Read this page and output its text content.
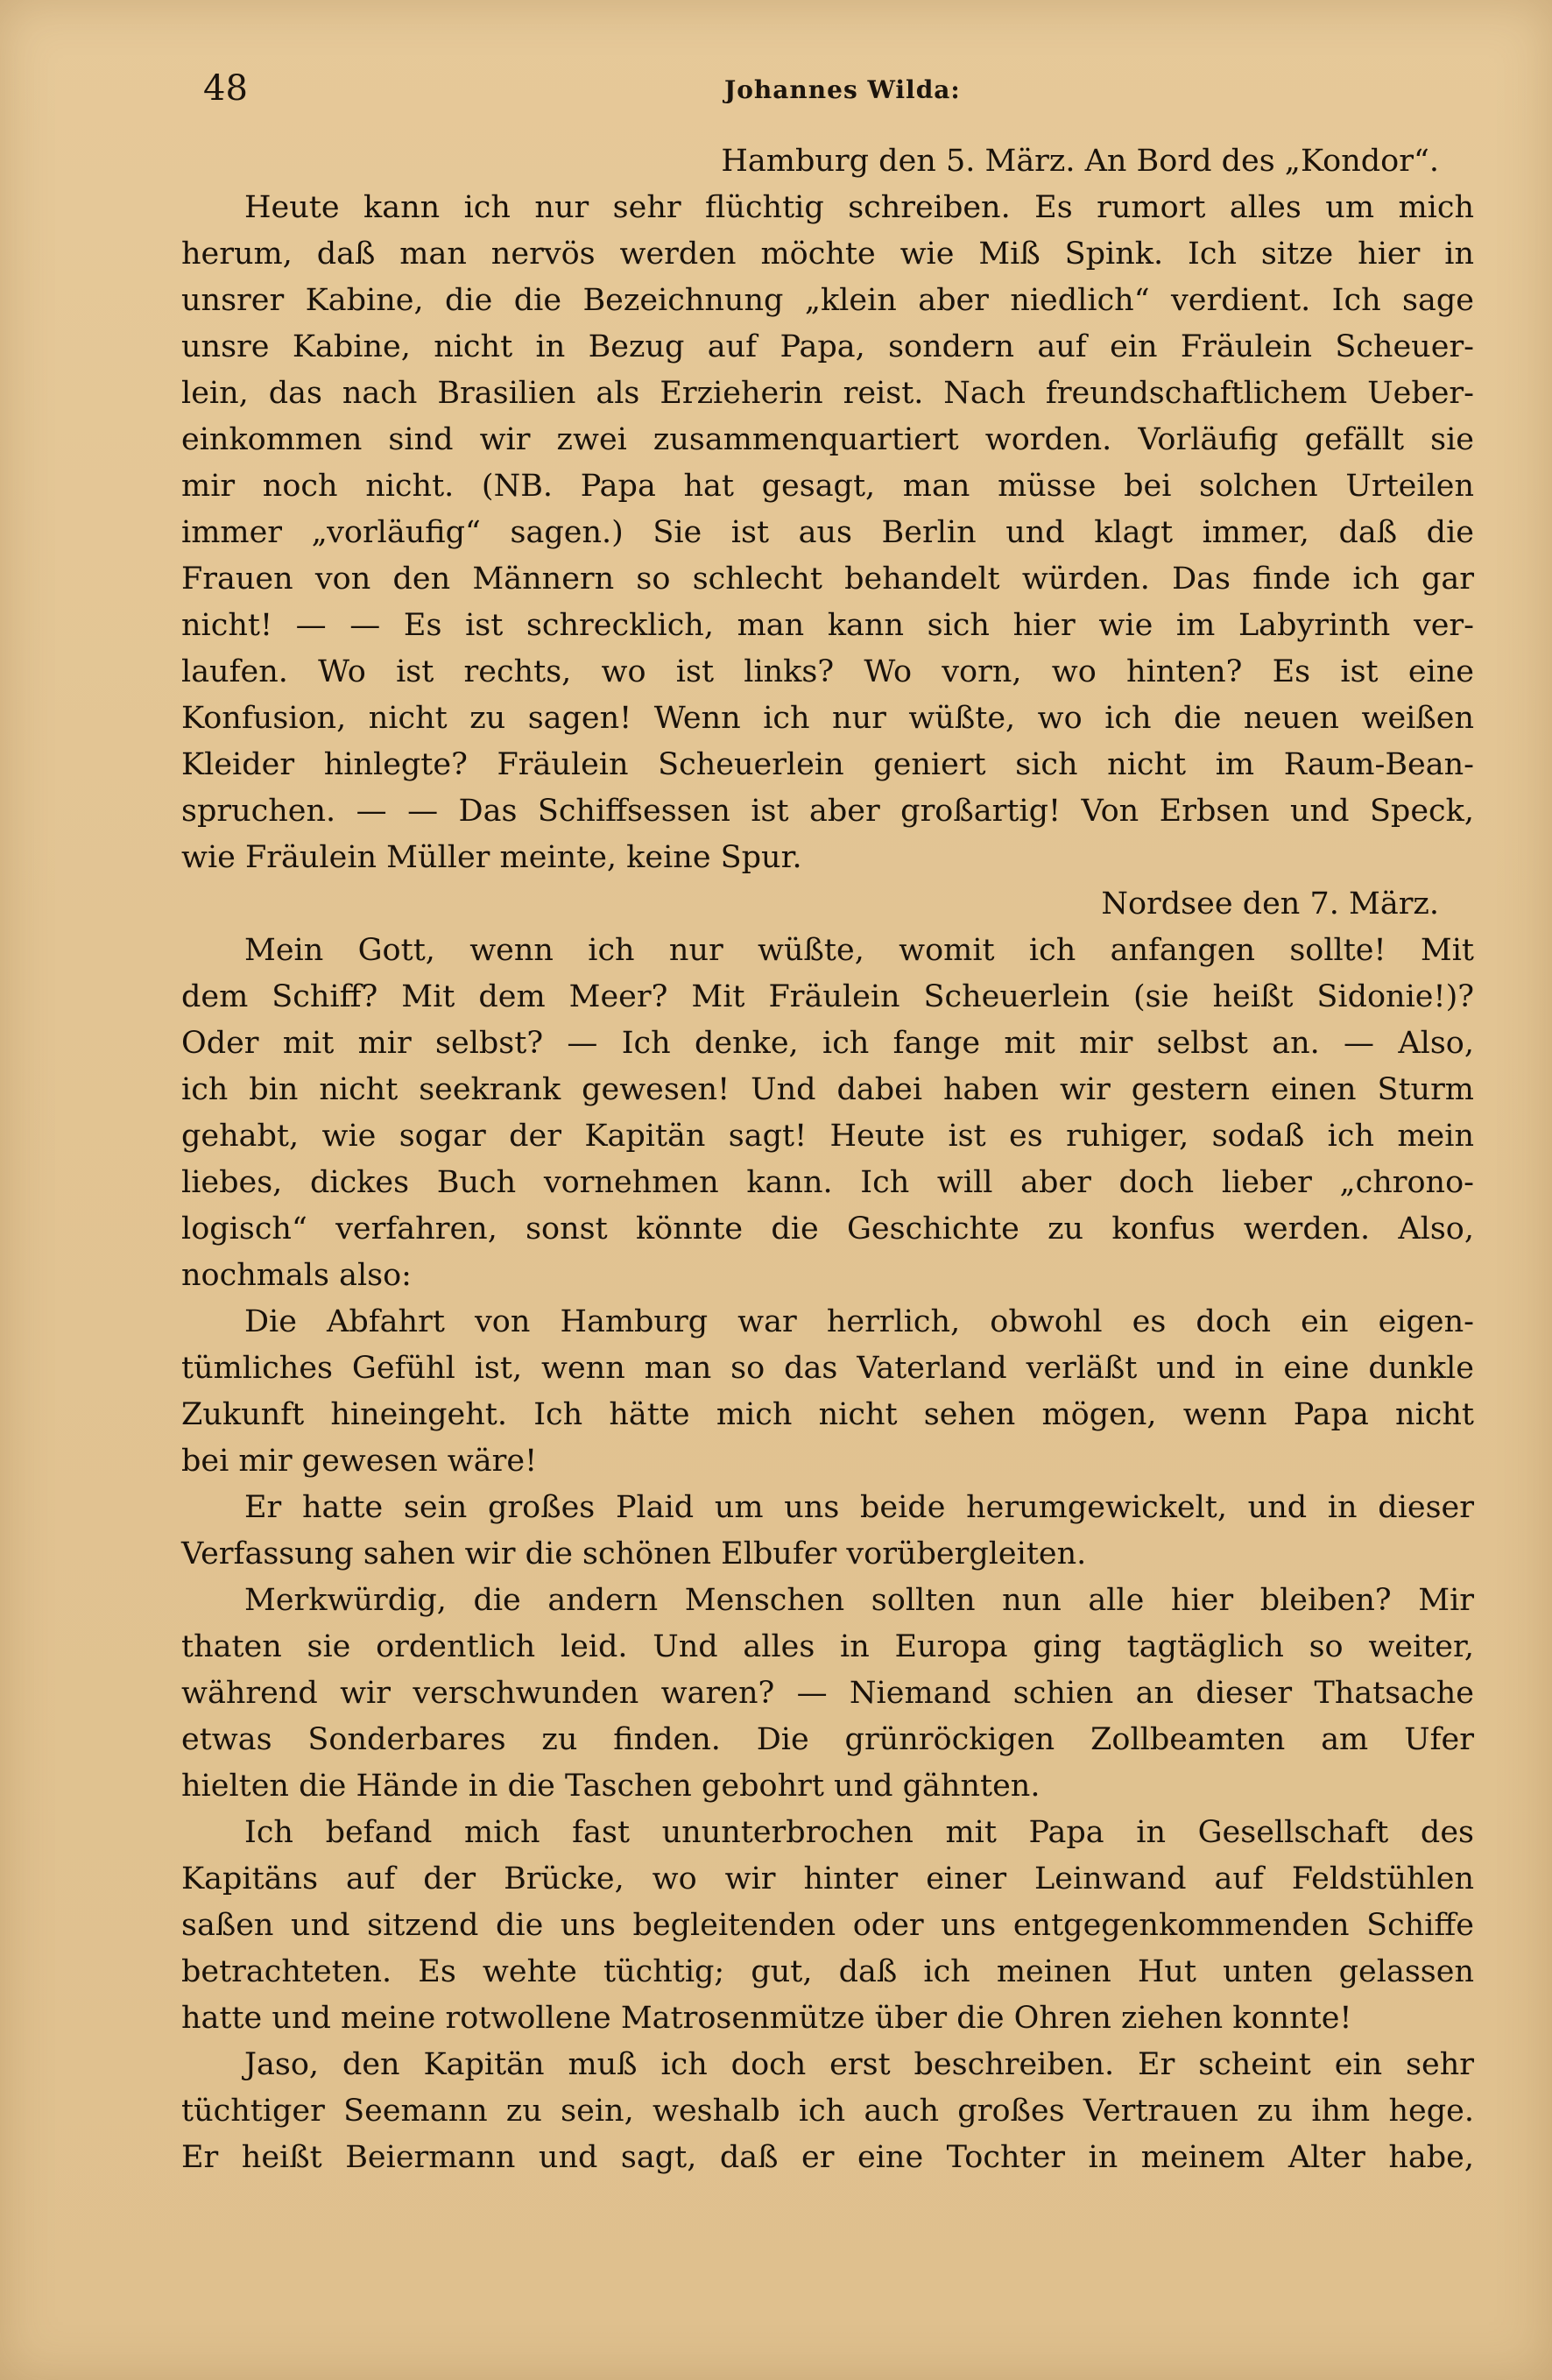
48	Johannes Wilda:
Hamburg den 5. März. An Bord des „Kondor“.
Heute kann ich nur sehr flüchtig schreiben. Es rumort alles um mich
herum, daß man nervös werden möchte wie Miß Spink. Ich sitze hier in
unsrer Kabine, die die Bezeichnung „klein aber niedlich“ verdient. Ich sage
unsre Kabine, nicht in Bezug auf Papa, sondern auf ein Fräulein Scheuer-
lein, das nach Brasilien als Erzieherin reist. Nach freundschaftlichem Ueber-
einkommen sind wir zwei zusammenquartiert worden. Vorläufig gefällt sie
mir noch nicht. (NB. Papa hat gesagt, man müsse bei solchen Urteilen
immer „vorläufig“ sagen.) Sie ist aus Berlin und klagt immer, daß die
Frauen von den Männern so schlecht behandelt würden. Das finde ich gar
nicht! — — Es ist schrecklich, man kann sich hier wie im Labyrinth ver-
laufen. Wo ist rechts, wo ist links? Wo vorn, wo hinten? Es ist eine
Konfusion, nicht zu sagen! Wenn ich nur wüßte, wo ich die neuen weißen
Kleider hinlegte? Fräulein Scheuerlein geniert sich nicht im Raum-Bean-
spruchen. — — Das Schiffsessen ist aber großartig! Von Erbsen und Speck,
wie Fräulein Müller meinte, keine Spur.
Nordsee den 7. März.
Mein Gott, wenn ich nur wüßte, womit ich anfangen sollte! Mit
dem Schiff? Mit dem Meer? Mit Fräulein Scheuerlein (sie heißt Sidonie!)?
Oder mit mir selbst? — Ich denke, ich fange mit mir selbst an. — Also,
ich bin nicht seekrank gewesen! Und dabei haben wir gestern einen Sturm
gehabt, wie sogar der Kapitän sagt! Heute ist es ruhiger, sodaß ich mein
liebes, dickes Buch vornehmen kann. Ich will aber doch lieber „chrono-
logisch“ verfahren, sonst könnte die Geschichte zu konfus werden. Also,
nochmals also:
Die Abfahrt von Hamburg war herrlich, obwohl es doch ein eigen-
tümliches Gefühl ist, wenn man so das Vaterland verläßt und in eine dunkle
Zukunft hineingeht. Ich hätte mich nicht sehen mögen, wenn Papa nicht
bei mir gewesen wäre!
Er hatte sein großes Plaid um uns beide herumgewickelt, und in dieser
Verfassung sahen wir die schönen Elbufer vorübergleiten.
Merkwürdig, die andern Menschen sollten nun alle hier bleiben? Mir
thaten sie ordentlich leid. Und alles in Europa ging tagtäglich so weiter,
während wir verschwunden waren? — Niemand schien an dieser Thatsache
etwas Sonderbares zu finden. Die grünröckigen Zollbeamten am Ufer
hielten die Hände in die Taschen gebohrt und gähnten.
Ich befand mich fast ununterbrochen mit Papa in Gesellschaft des
Kapitäns auf der Brücke, wo wir hinter einer Leinwand auf Feldstühlen
saßen und sitzend die uns begleitenden oder uns entgegenkommenden Schiffe
betrachteten. Es wehte tüchtig; gut, daß ich meinen Hut unten gelassen
hatte und meine rotwollene Matrosenmütze über die Ohren ziehen konnte!
Jaso, den Kapitän muß ich doch erst beschreiben. Er scheint ein sehr
tüchtiger Seemann zu sein, weshalb ich auch großes Vertrauen zu ihm hege.
Er heißt Beiermann und sagt, daß er eine Tochter in meinem Alter habe,
